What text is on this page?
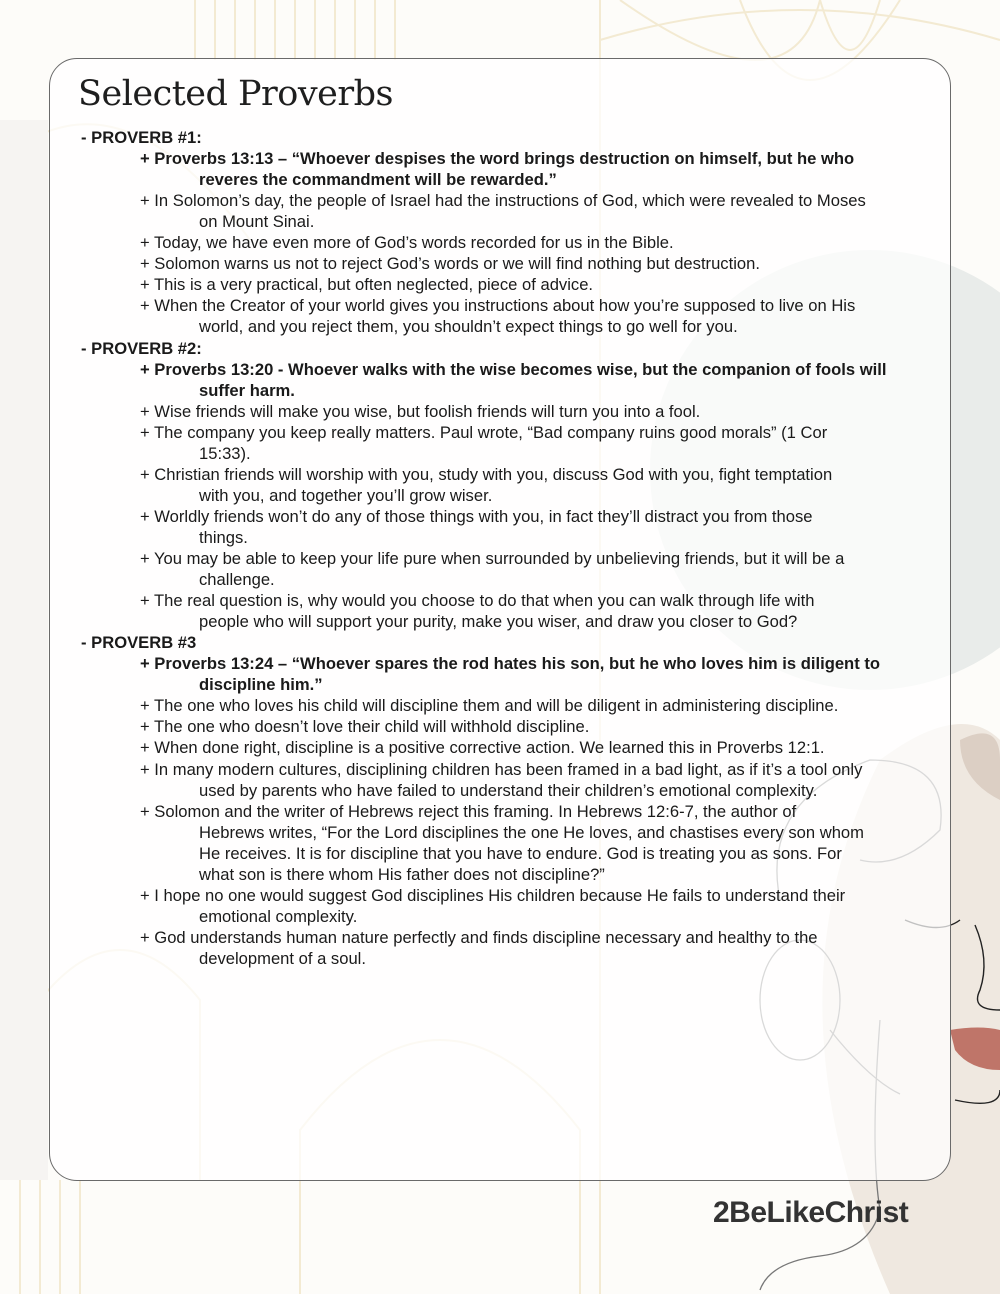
Selected Proverbs
- PROVERB #1:
+ Proverbs 13:13 – “Whoever despises the word brings destruction on himself, but he who
reveres the commandment will be rewarded.”
+ In Solomon’s day, the people of Israel had the instructions of God, which were revealed to Moses
on Mount Sinai.
+ Today, we have even more of God’s words recorded for us in the Bible.
+ Solomon warns us not to reject God’s words or we will find nothing but destruction.
+ This is a very practical, but often neglected, piece of advice.
+ When the Creator of your world gives you instructions about how you’re supposed to live on His
world, and you reject them, you shouldn’t expect things to go well for you.
- PROVERB #2:
+ Proverbs 13:20 - Whoever walks with the wise becomes wise, but the companion of fools will
suffer harm.
+ Wise friends will make you wise, but foolish friends will turn you into a fool.
+ The company you keep really matters. Paul wrote, “Bad company ruins good morals” (1 Cor
15:33).
+ Christian friends will worship with you, study with you, discuss God with you, fight temptation
with you, and together you’ll grow wiser.
+ Worldly friends won’t do any of those things with you, in fact they’ll distract you from those
things.
+ You may be able to keep your life pure when surrounded by unbelieving friends, but it will be a
challenge.
+ The real question is, why would you choose to do that when you can walk through life with
people who will support your purity, make you wiser, and draw you closer to God?
- PROVERB #3
+ Proverbs 13:24 – “Whoever spares the rod hates his son, but he who loves him is diligent to
discipline him.”
+ The one who loves his child will discipline them and will be diligent in administering discipline.
+ The one who doesn’t love their child will withhold discipline.
+ When done right, discipline is a positive corrective action. We learned this in Proverbs 12:1.
+ In many modern cultures, disciplining children has been framed in a bad light, as if it’s a tool only
used by parents who have failed to understand their children’s emotional complexity.
+ Solomon and the writer of Hebrews reject this framing. In Hebrews 12:6-7, the author of
Hebrews writes, “For the Lord disciplines the one He loves, and chastises every son whom
He receives. It is for discipline that you have to endure. God is treating you as sons. For
what son is there whom His father does not discipline?”
+ I hope no one would suggest God disciplines His children because He fails to understand their
emotional complexity.
+ God understands human nature perfectly and finds discipline necessary and healthy to the
development of a soul.
2BeLikeChrist
